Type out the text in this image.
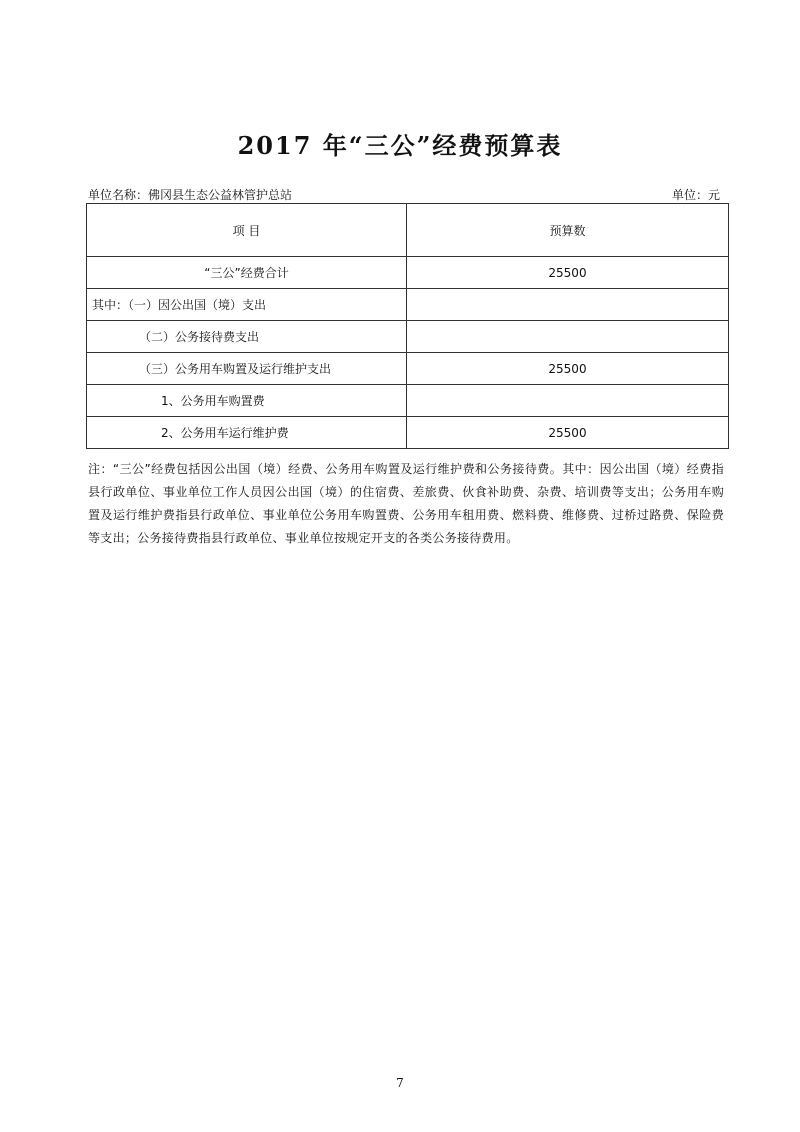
2017 年“三公”经费预算表
单位名称：佛冈县生态公益林管护总站	单位：元
项 目	预算数
“三公”经费合计	25500
其中：（一）因公出国（境）支出	
（二）公务接待费支出	
（三）公务用车购置及运行维护支出	25500
1、公务用车购置费	
2、公务用车运行维护费	25500
注：“三公”经费包括因公出国（境）经费、公务用车购置及运行维护费和公务接待费。其中：因公出国（境）经费指县行政单位、事业单位工作人员因公出国（境）的住宿费、差旅费、伙食补助费、杂费、培训费等支出；公务用车购置及运行维护费指县行政单位、事业单位公务用车购置费、公务用车租用费、燃料费、维修费、过桥过路费、保险费等支出；公务接待费指县行政单位、事业单位按规定开支的各类公务接待费用。
7
